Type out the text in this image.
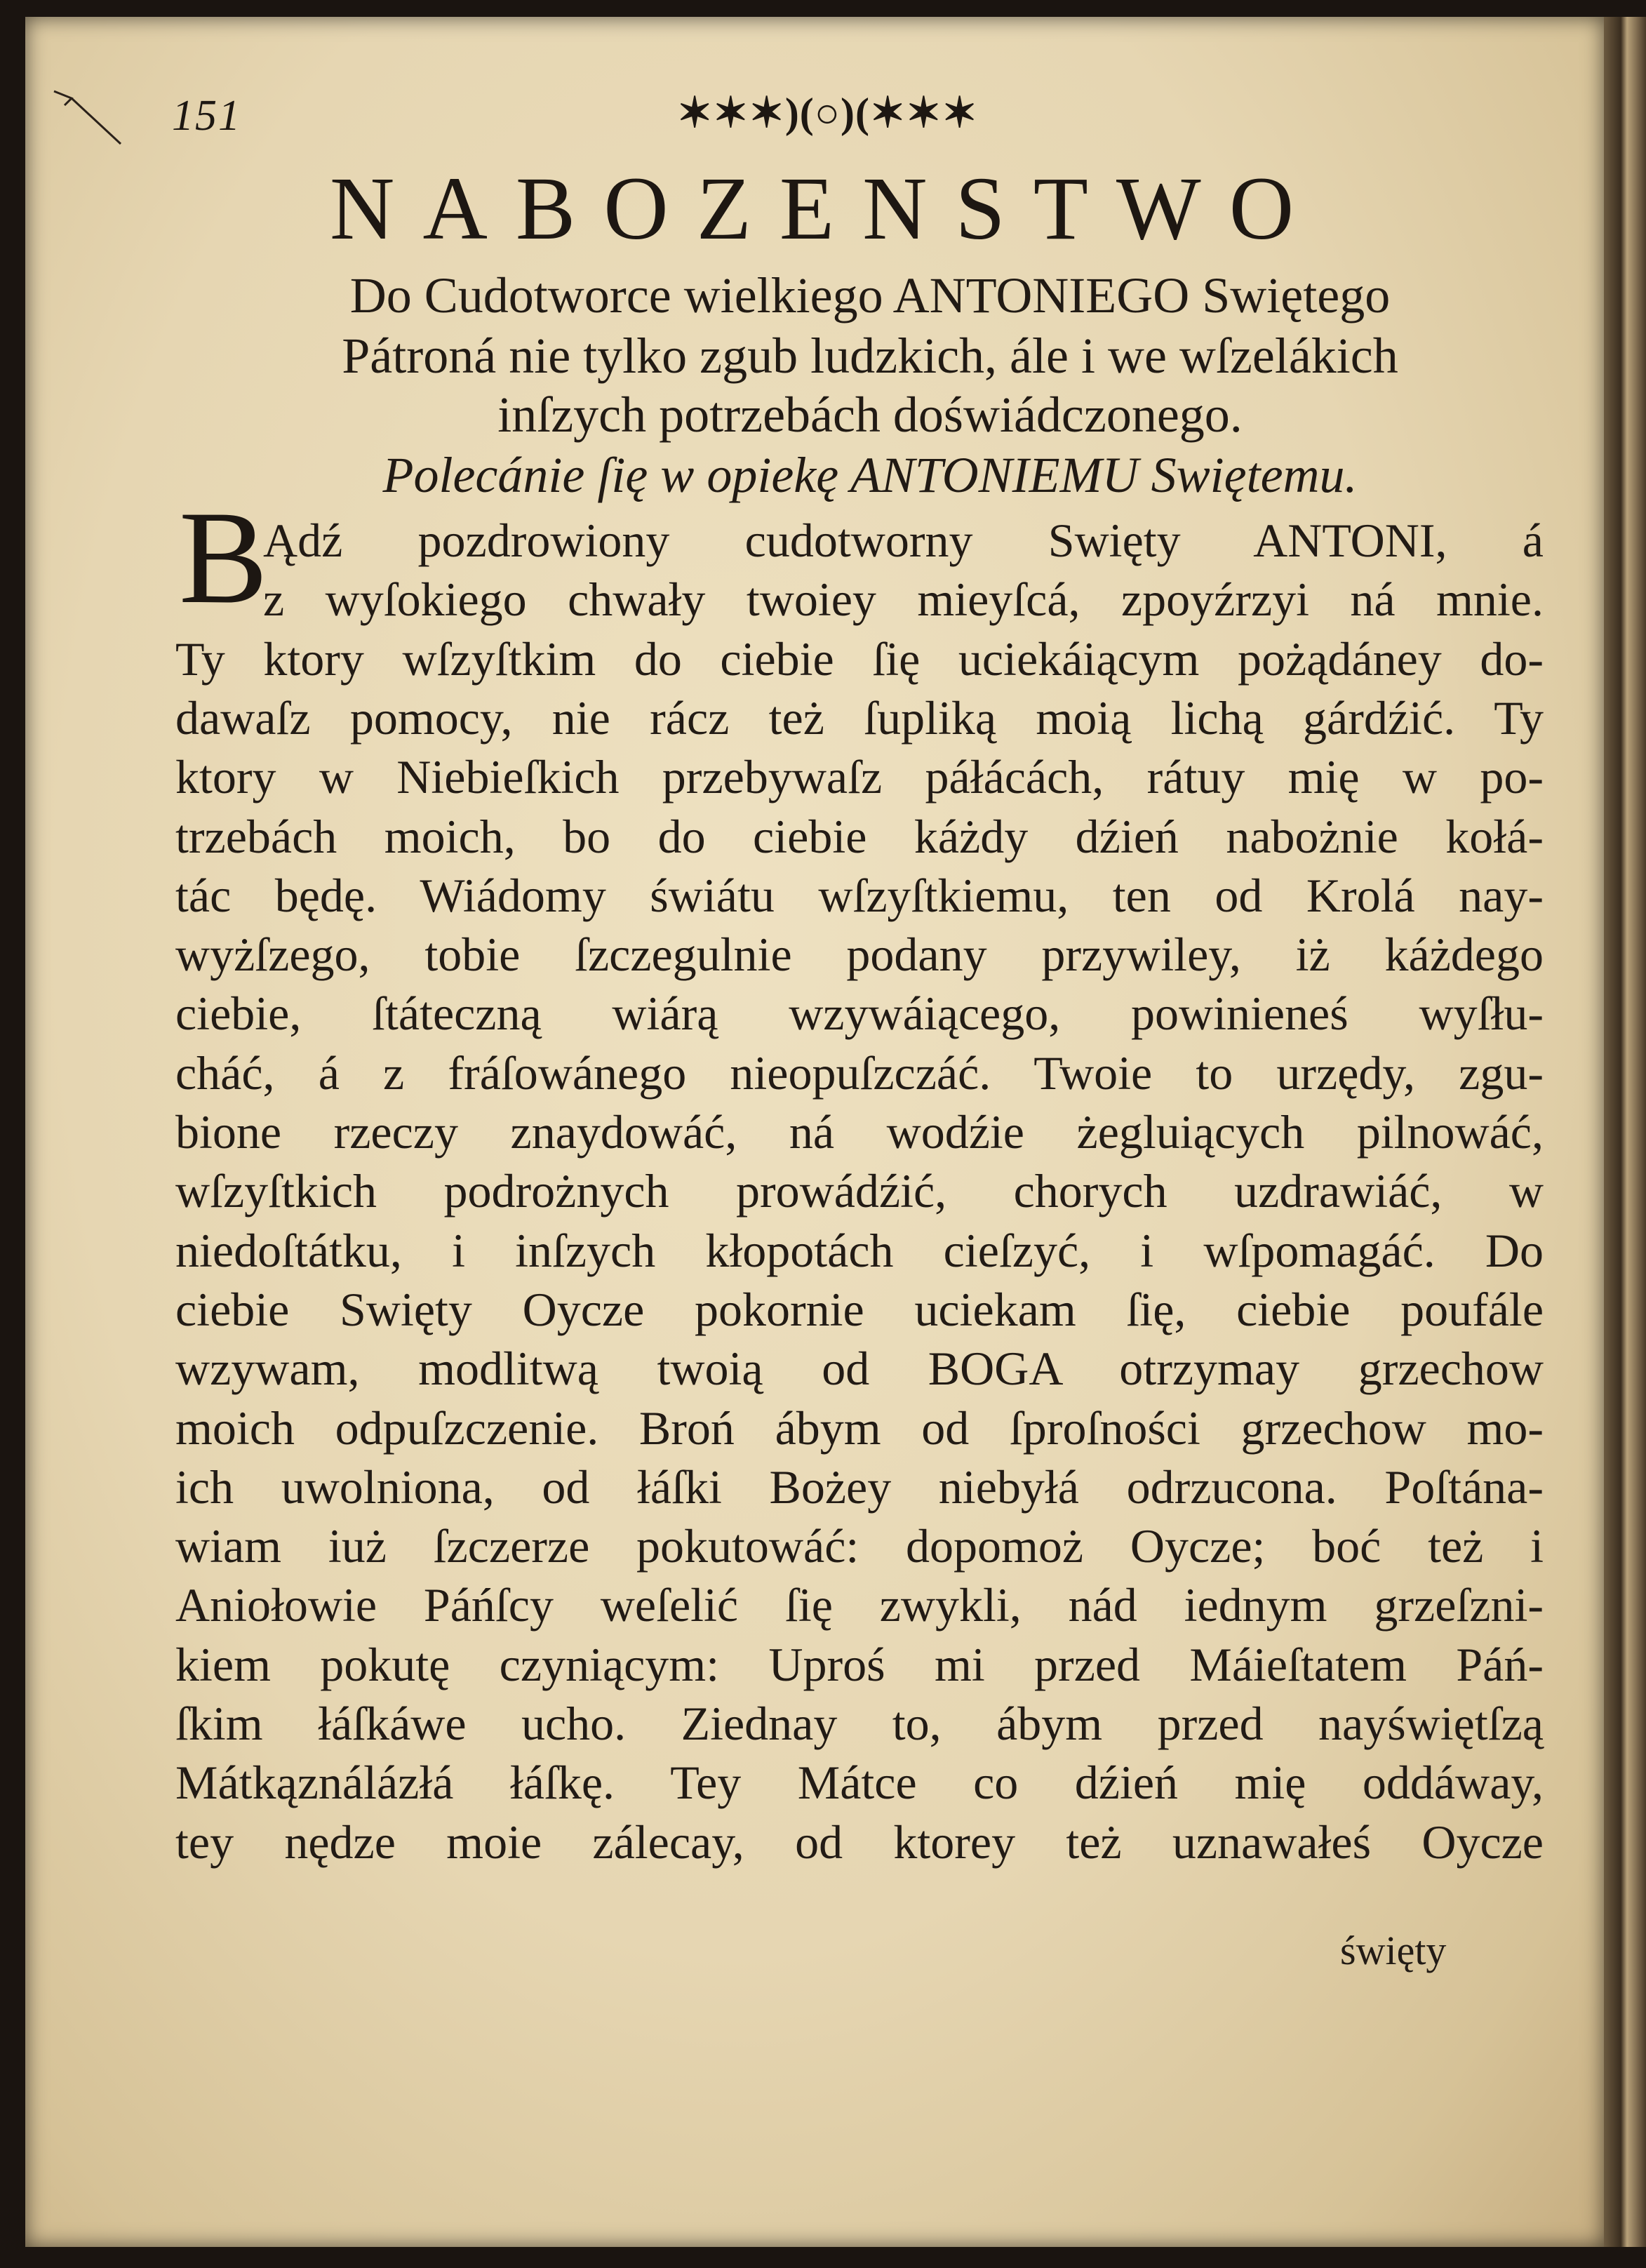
151	✶✶✶)(○)(✶✶✶
NABOZENSTWO
Do Cudotworce wielkiego ANTONIEGO Swiętego
Pátroná nie tylko zgub ludzkich, ále i we wſzelákich
inſzych potrzebách doświádczonego.
Polecánie ſię w opiekę ANTONIEMU Swiętemu.
B
Ądź pozdrowiony cudotworny Swięty ANTONI, á
z wyſokiego chwały twoiey mieyſcá, zpoyźrzyi ná mnie.
Ty ktory wſzyſtkim do ciebie ſię uciekáiącym pożądáney do-
dawaſz pomocy, nie rácz też ſupliką moią lichą gárdźić. Ty
ktory w Niebieſkich przebywaſz páłácách, rátuy mię w po-
trzebách moich, bo do ciebie káżdy dźień nabożnie kołá-
tác będę. Wiádomy świátu wſzyſtkiemu, ten od Krolá nay-
wyżſzego, tobie ſzczegulnie podany przywiley, iż káżdego
ciebie, ſtáteczną wiárą wzywáiącego, powinieneś wyſłu-
cháć, á z fráſowánego nieopuſzczáć. Twoie to urzędy, zgu-
bione rzeczy znaydowáć, ná wodźie żegluiących pilnowáć,
wſzyſtkich podrożnych prowádźić, chorych uzdrawiáć, w
niedoſtátku, i inſzych kłopotách cieſzyć, i wſpomagáć. Do
ciebie Swięty Oycze pokornie uciekam ſię, ciebie poufále
wzywam, modlitwą twoią od BOGA otrzymay grzechow
moich odpuſzczenie. Broń ábym od ſproſności grzechow mo-
ich uwolniona, od łáſki Bożey niebyłá odrzucona. Poſtána-
wiam iuż ſzczerze pokutowáć: dopomoż Oycze; boć też i
Aniołowie Páńſcy weſelić ſię zwykli, nád iednym grzeſzni-
kiem pokutę czyniącym: Uproś mi przed Máieſtatem Páń-
ſkim łáſkáwe ucho. Ziednay to, ábym przed nayświętſzą
Mátkąználázłá łáſkę. Tey Mátce co dźień mię oddáway,
tey nędze moie zálecay, od ktorey też uznawałeś Oycze
święty
